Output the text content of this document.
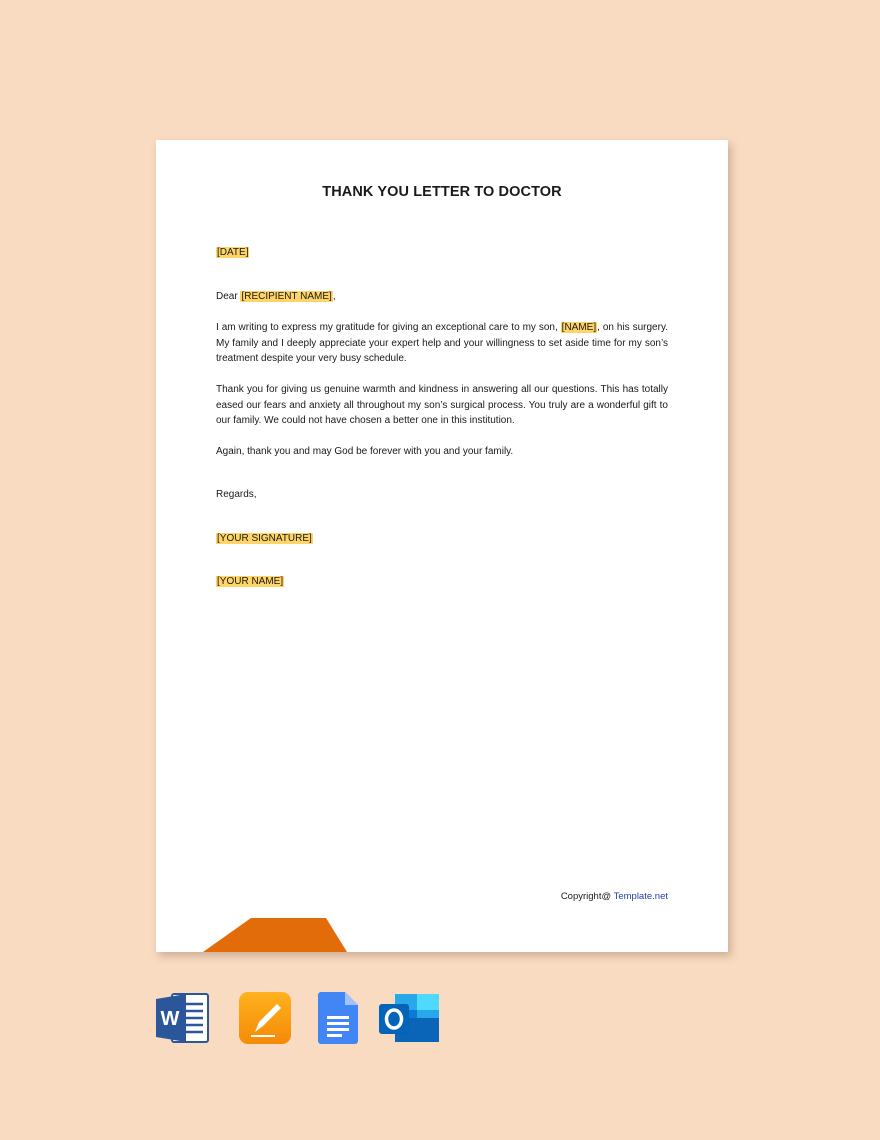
THANK YOU LETTER TO DOCTOR
[DATE]
Dear [RECIPIENT NAME],
I am writing to express my gratitude for giving an exceptional care to my son, [NAME], on his surgery. My family and I deeply appreciate your expert help and your willingness to set aside time for my son’s treatment despite your very busy schedule.
Thank you for giving us genuine warmth and kindness in answering all our questions. This has totally eased our fears and anxiety all throughout my son’s surgical process. You truly are a wonderful gift to our family. We could not have chosen a better one in this institution.
Again, thank you and may God be forever with you and your family.
Regards,
[YOUR SIGNATURE]
[YOUR NAME]
Copyright@ Template.net
W
